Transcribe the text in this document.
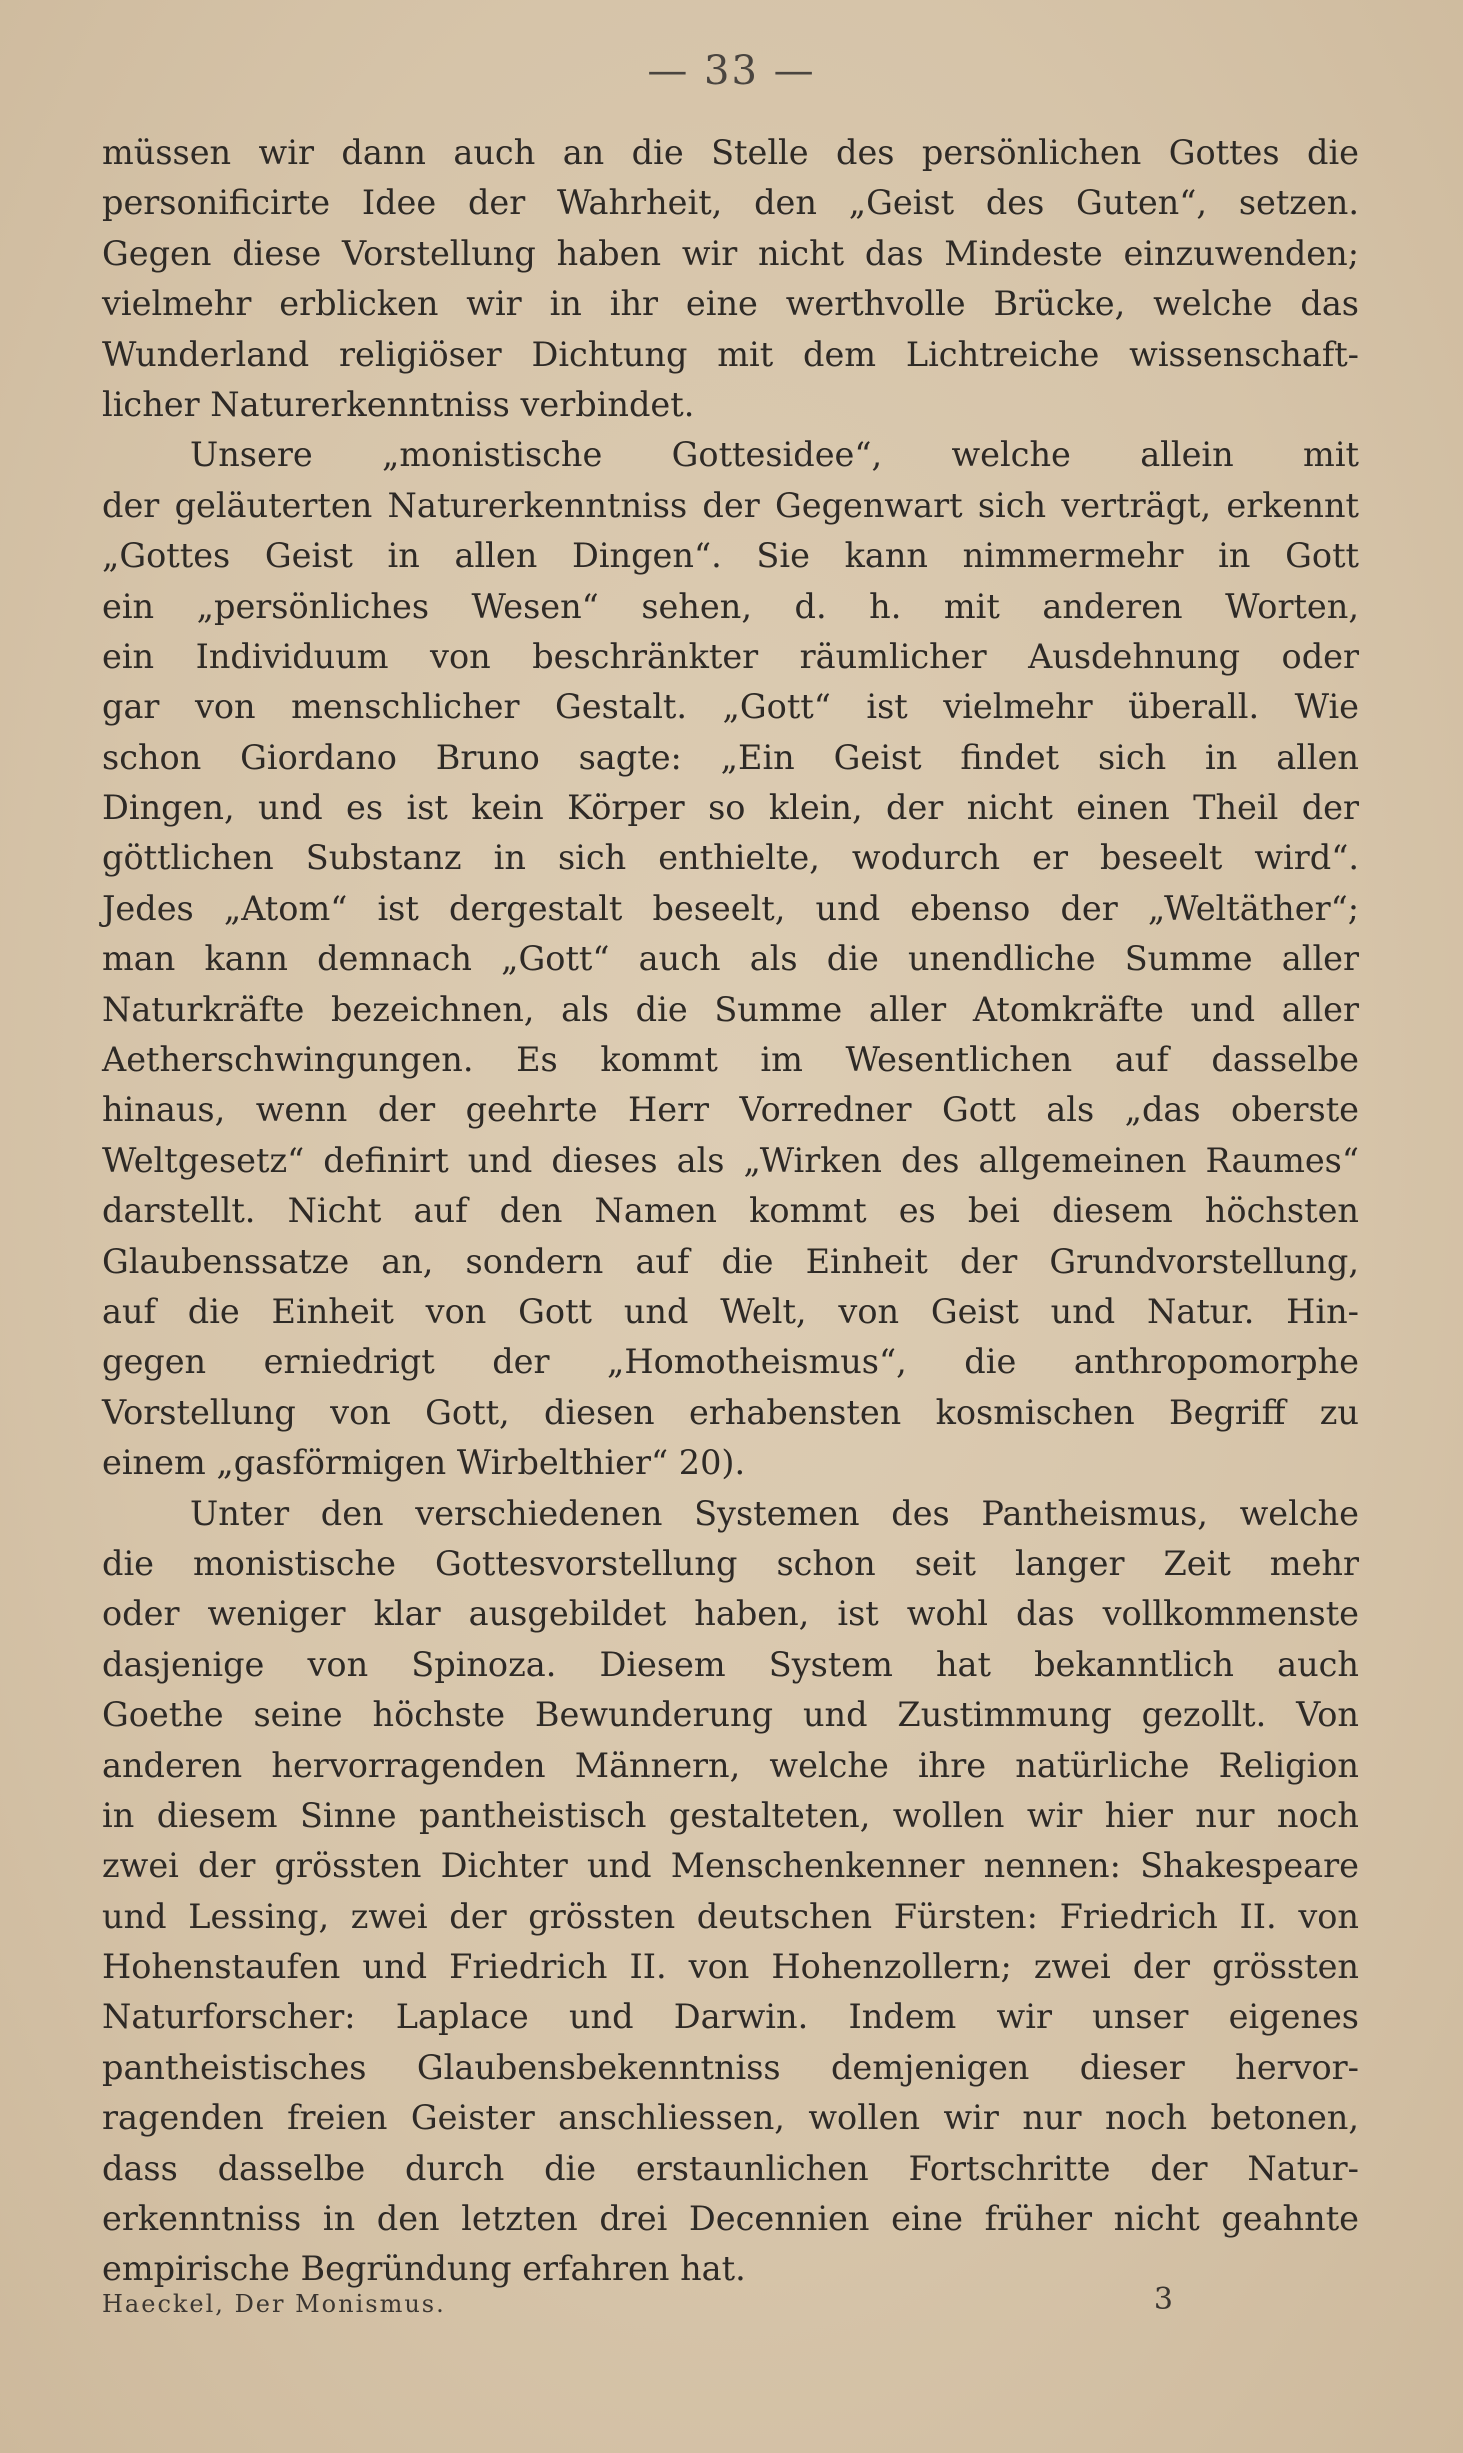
— 33 —
müssen wir dann auch an die Stelle des persönlichen Gottes die
personificirte Idee der Wahrheit, den „Geist des Guten“, setzen.
Gegen diese Vorstellung haben wir nicht das Mindeste einzuwenden;
vielmehr erblicken wir in ihr eine werthvolle Brücke, welche das
Wunderland religiöser Dichtung mit dem Lichtreiche wissenschaft-
licher Naturerkenntniss verbindet.
Unsere „monistische Gottesidee“, welche allein mit
der geläuterten Naturerkenntniss der Gegenwart sich verträgt, erkennt
„Gottes Geist in allen Dingen“. Sie kann nimmermehr in Gott
ein „persönliches Wesen“ sehen, d. h. mit anderen Worten,
ein Individuum von beschränkter räumlicher Ausdehnung oder
gar von menschlicher Gestalt. „Gott“ ist vielmehr überall. Wie
schon Giordano Bruno sagte: „Ein Geist findet sich in allen
Dingen, und es ist kein Körper so klein, der nicht einen Theil der
göttlichen Substanz in sich enthielte, wodurch er beseelt wird“.
Jedes „Atom“ ist dergestalt beseelt, und ebenso der „Weltäther“;
man kann demnach „Gott“ auch als die unendliche Summe aller
Naturkräfte bezeichnen, als die Summe aller Atomkräfte und aller
Aetherschwingungen. Es kommt im Wesentlichen auf dasselbe
hinaus, wenn der geehrte Herr Vorredner Gott als „das oberste
Weltgesetz“ definirt und dieses als „Wirken des allgemeinen Raumes“
darstellt. Nicht auf den Namen kommt es bei diesem höchsten
Glaubenssatze an, sondern auf die Einheit der Grundvorstellung,
auf die Einheit von Gott und Welt, von Geist und Natur. Hin-
gegen erniedrigt der „Homotheismus“, die anthropomorphe
Vorstellung von Gott, diesen erhabensten kosmischen Begriff zu
einem „gasförmigen Wirbelthier“ 20).
Unter den verschiedenen Systemen des Pantheismus, welche
die monistische Gottesvorstellung schon seit langer Zeit mehr
oder weniger klar ausgebildet haben, ist wohl das vollkommenste
dasjenige von Spinoza. Diesem System hat bekanntlich auch
Goethe seine höchste Bewunderung und Zustimmung gezollt. Von
anderen hervorragenden Männern, welche ihre natürliche Religion
in diesem Sinne pantheistisch gestalteten, wollen wir hier nur noch
zwei der grössten Dichter und Menschenkenner nennen: Shakespeare
und Lessing, zwei der grössten deutschen Fürsten: Friedrich II. von
Hohenstaufen und Friedrich II. von Hohenzollern; zwei der grössten
Naturforscher: Laplace und Darwin. Indem wir unser eigenes
pantheistisches Glaubensbekenntniss demjenigen dieser hervor-
ragenden freien Geister anschliessen, wollen wir nur noch betonen,
dass dasselbe durch die erstaunlichen Fortschritte der Natur-
erkenntniss in den letzten drei Decennien eine früher nicht geahnte
empirische Begründung erfahren hat.
Haeckel, Der Monismus.	3
